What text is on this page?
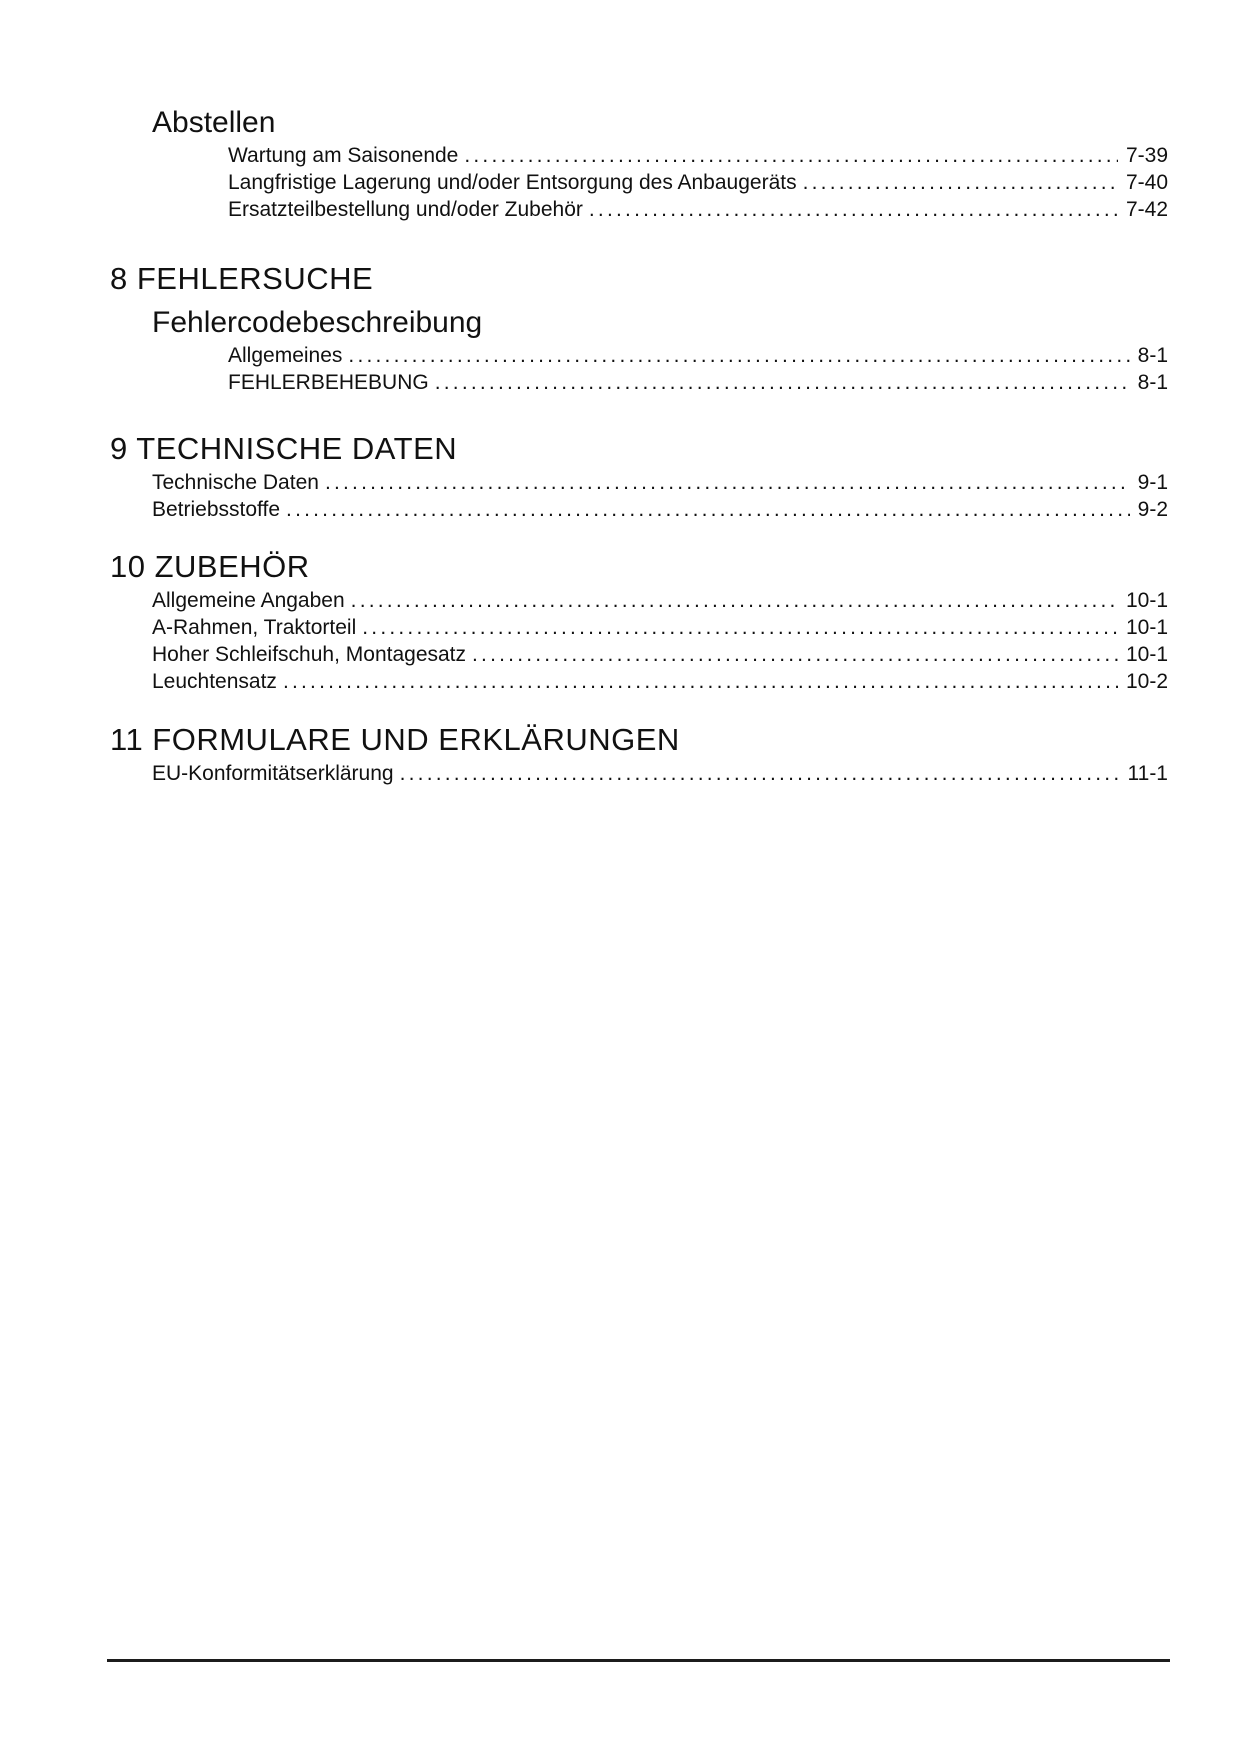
Abstellen
Wartung am Saisonende .....	7-39
Langfristige Lagerung und/oder Entsorgung des Anbaugeräts .....	7-40
Ersatzteilbestellung und/oder Zubehör .....	7-42
8 FEHLERSUCHE
Fehlercodebeschreibung
Allgemeines .....	8-1
FEHLERBEHEBUNG .....	8-1
9 TECHNISCHE DATEN
Technische Daten .....	9-1
Betriebsstoffe .....	9-2
10 ZUBEHÖR
Allgemeine Angaben .....	10-1
A-Rahmen, Traktorteil .....	10-1
Hoher Schleifschuh, Montagesatz .....	10-1
Leuchtensatz .....	10-2
11 FORMULARE UND ERKLÄRUNGEN
EU-Konformitätserklärung .....	11-1
